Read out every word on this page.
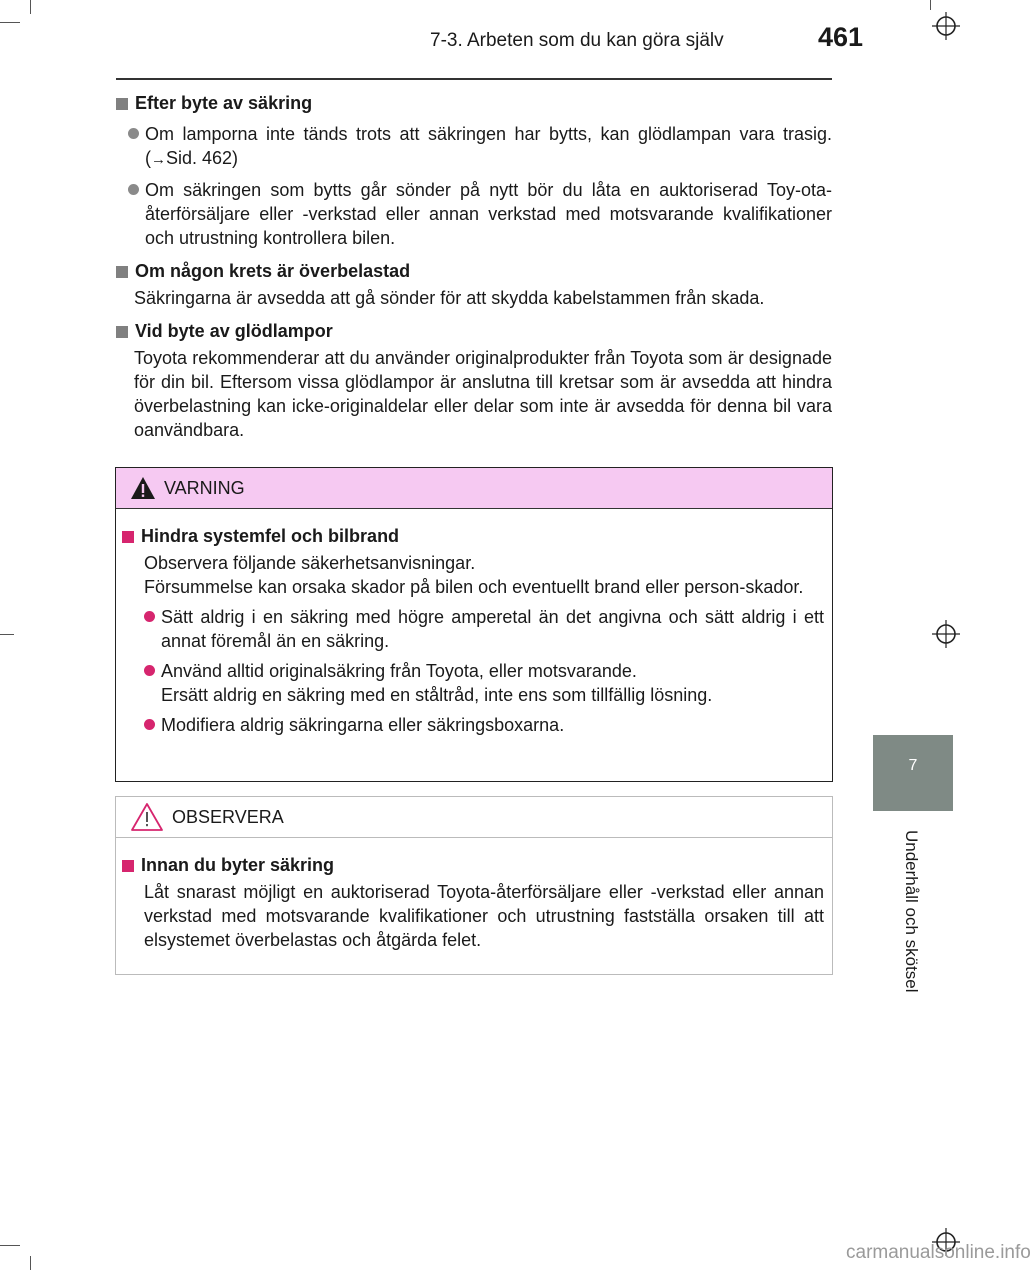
7-3. Arbeten som du kan göra själv	461
7
Underhåll och skötsel
Efter byte av säkring
Om lamporna inte tänds trots att säkringen har bytts, kan glödlampan vara trasig. (→Sid. 462)
Om säkringen som bytts går sönder på nytt bör du låta en auktoriserad Toy-ota-återförsäljare eller -verkstad eller annan verkstad med motsvarande kvalifikationer och utrustning kontrollera bilen.
Om någon krets är överbelastad
Säkringarna är avsedda att gå sönder för att skydda kabelstammen från skada.
Vid byte av glödlampor
Toyota rekommenderar att du använder originalprodukter från Toyota som är designade för din bil. Eftersom vissa glödlampor är anslutna till kretsar som är avsedda att hindra överbelastning kan icke-originaldelar eller delar som inte är avsedda för denna bil vara oanvändbara.
VARNING
Hindra systemfel och bilbrand
Observera följande säkerhetsanvisningar.
Försummelse kan orsaka skador på bilen och eventuellt brand eller person-skador.
Sätt aldrig i en säkring med högre amperetal än det angivna och sätt aldrig i ett annat föremål än en säkring.
Använd alltid originalsäkring från Toyota, eller motsvarande.
Ersätt aldrig en säkring med en ståltråd, inte ens som tillfällig lösning.
Modifiera aldrig säkringarna eller säkringsboxarna.
OBSERVERA
Innan du byter säkring
Låt snarast möjligt en auktoriserad Toyota-återförsäljare eller -verkstad eller annan verkstad med motsvarande kvalifikationer och utrustning fastställa orsaken till att elsystemet överbelastas och åtgärda felet.
carmanualsonline.info
